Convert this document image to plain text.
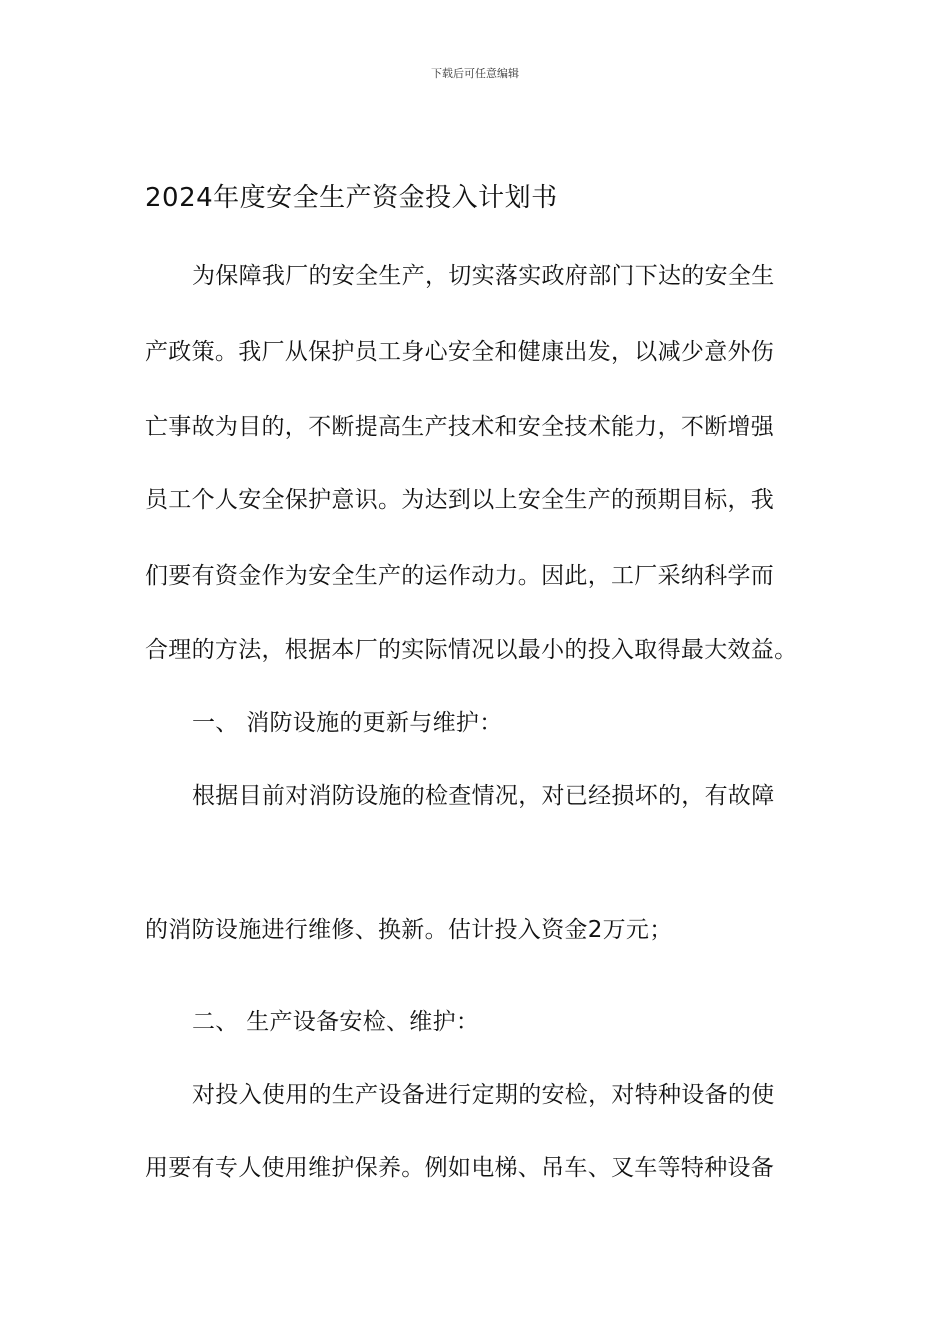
下载后可任意编辑
2024年度安全生产资金投入计划书
为保障我厂的安全生产，切实落实政府部门下达的安全生
产政策。我厂从保护员工身心安全和健康出发，以减少意外伤
亡事故为目的，不断提高生产技术和安全技术能力，不断增强
员工个人安全保护意识。为达到以上安全生产的预期目标，我
们要有资金作为安全生产的运作动力。因此，工厂采纳科学而
合理的方法，根据本厂的实际情况以最小的投入取得最大效益。
一、 消防设施的更新与维护：
根据目前对消防设施的检查情况，对已经损坏的，有故障
的消防设施进行维修、换新。估计投入资金2万元；
二、 生产设备安检、维护：
对投入使用的生产设备进行定期的安检，对特种设备的使
用要有专人使用维护保养。例如电梯、吊车、叉车等特种设备
